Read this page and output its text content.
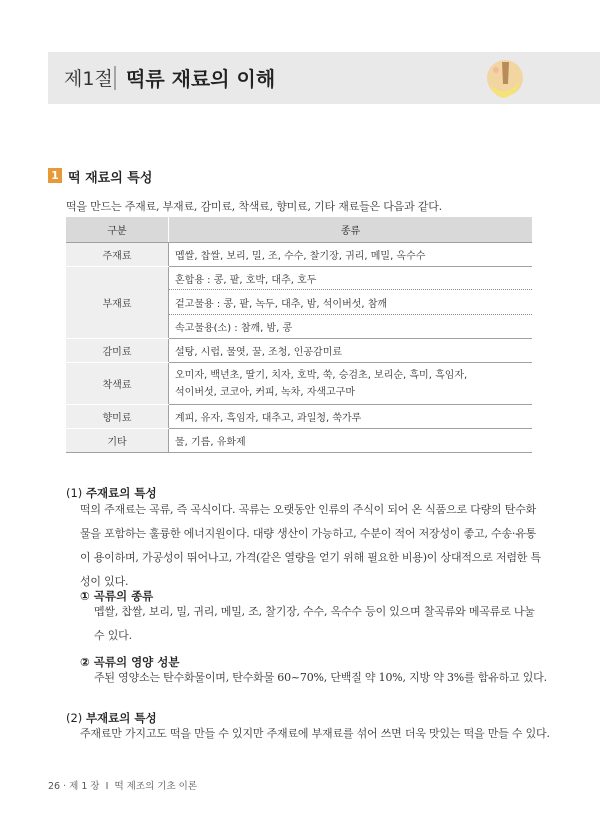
제1절 떡류 재료의 이해
1 떡 재료의 특성
떡을 만드는 주재료, 부재료, 감미료, 착색료, 향미료, 기타 재료들은 다음과 같다.
구분	종류
주재료	멥쌀, 찹쌀, 보리, 밀, 조, 수수, 찰기장, 귀리, 메밀, 옥수수
부재료	혼합용 : 콩, 팥, 호박, 대추, 호두
	겉고물용 : 콩, 팥, 녹두, 대추, 밤, 석이버섯, 참깨
	속고물용(소) : 참깨, 밤, 콩
감미료	설탕, 시럽, 물엿, 꿀, 조청, 인공감미료
착색료	오미자, 백년초, 딸기, 치자, 호박, 쑥, 승검초, 보리순, 흑미, 흑임자,
석이버섯, 코코아, 커피, 녹차, 자색고구마

향미료	계피, 유자, 흑임자, 대추고, 과일청, 쑥가루
기타	물, 기름, 유화제
(1) 주재료의 특성
떡의 주재료는 곡류, 즉 곡식이다. 곡류는 오랫동안 인류의 주식이 되어 온 식품으로 다량의 탄수화
물을 포함하는 훌륭한 에너지원이다. 대량 생산이 가능하고, 수분이 적어 저장성이 좋고, 수송·유통
이 용이하며, 가공성이 뛰어나고, 가격(같은 열량을 얻기 위해 필요한 비용)이 상대적으로 저렴한 특
성이 있다.
① 곡류의 종류
멥쌀, 찹쌀, 보리, 밀, 귀리, 메밀, 조, 찰기장, 수수, 옥수수 등이 있으며 찰곡류와 메곡류로 나눌
수 있다.
② 곡류의 영양 성분
주된 영양소는 탄수화물이며, 탄수화물 60~70%, 단백질 약 10%, 지방 약 3%를 함유하고 있다.
(2) 부재료의 특성
주재료만 가지고도 떡을 만들 수 있지만 주재료에 부재료를 섞어 쓰면 더욱 맛있는 떡을 만들 수 있다.
26 · 제 1 장 I 떡 제조의 기초 이론
